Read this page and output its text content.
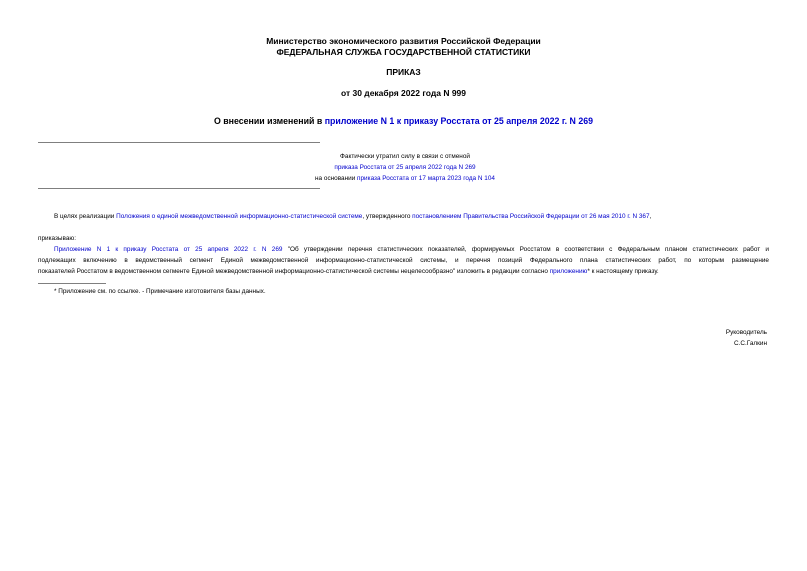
Министерство экономического развития Российской Федерации
ФЕДЕРАЛЬНАЯ СЛУЖБА ГОСУДАРСТВЕННОЙ СТАТИСТИКИ
ПРИКАЗ
от 30 декабря 2022 года N 999
О внесении изменений в приложение N 1 к приказу Росстата от 25 апреля 2022 г. N 269
Фактически утратил силу в связи с отменой
приказа Росстата от 25 апреля 2022 года N 269
на основании приказа Росстата от 17 марта 2023 года N 104
В целях реализации Положения о единой межведомственной информационно-статистической системе, утвержденного постановлением Правительства Российской Федерации от 26 мая 2010 г. N 367,
приказываю:
Приложение N 1 к приказу Росстата от 25 апреля 2022 г. N 269 "Об утверждении перечня статистических показателей, формируемых Росстатом в соответствии с Федеральным планом статистических работ и
подлежащих включению в ведомственный сегмент Единой межведомственной информационно-статистической системы, и перечня позиций Федерального плана статистических работ, по которым размещение
показателей Росстатом в ведомственном сегменте Единой межведомственной информационно-статистической системы нецелесообразно" изложить в редакции согласно приложению* к настоящему приказу.
* Приложение см. по ссылке. - Примечание изготовителя базы данных.
Руководитель
С.С.Галкин
